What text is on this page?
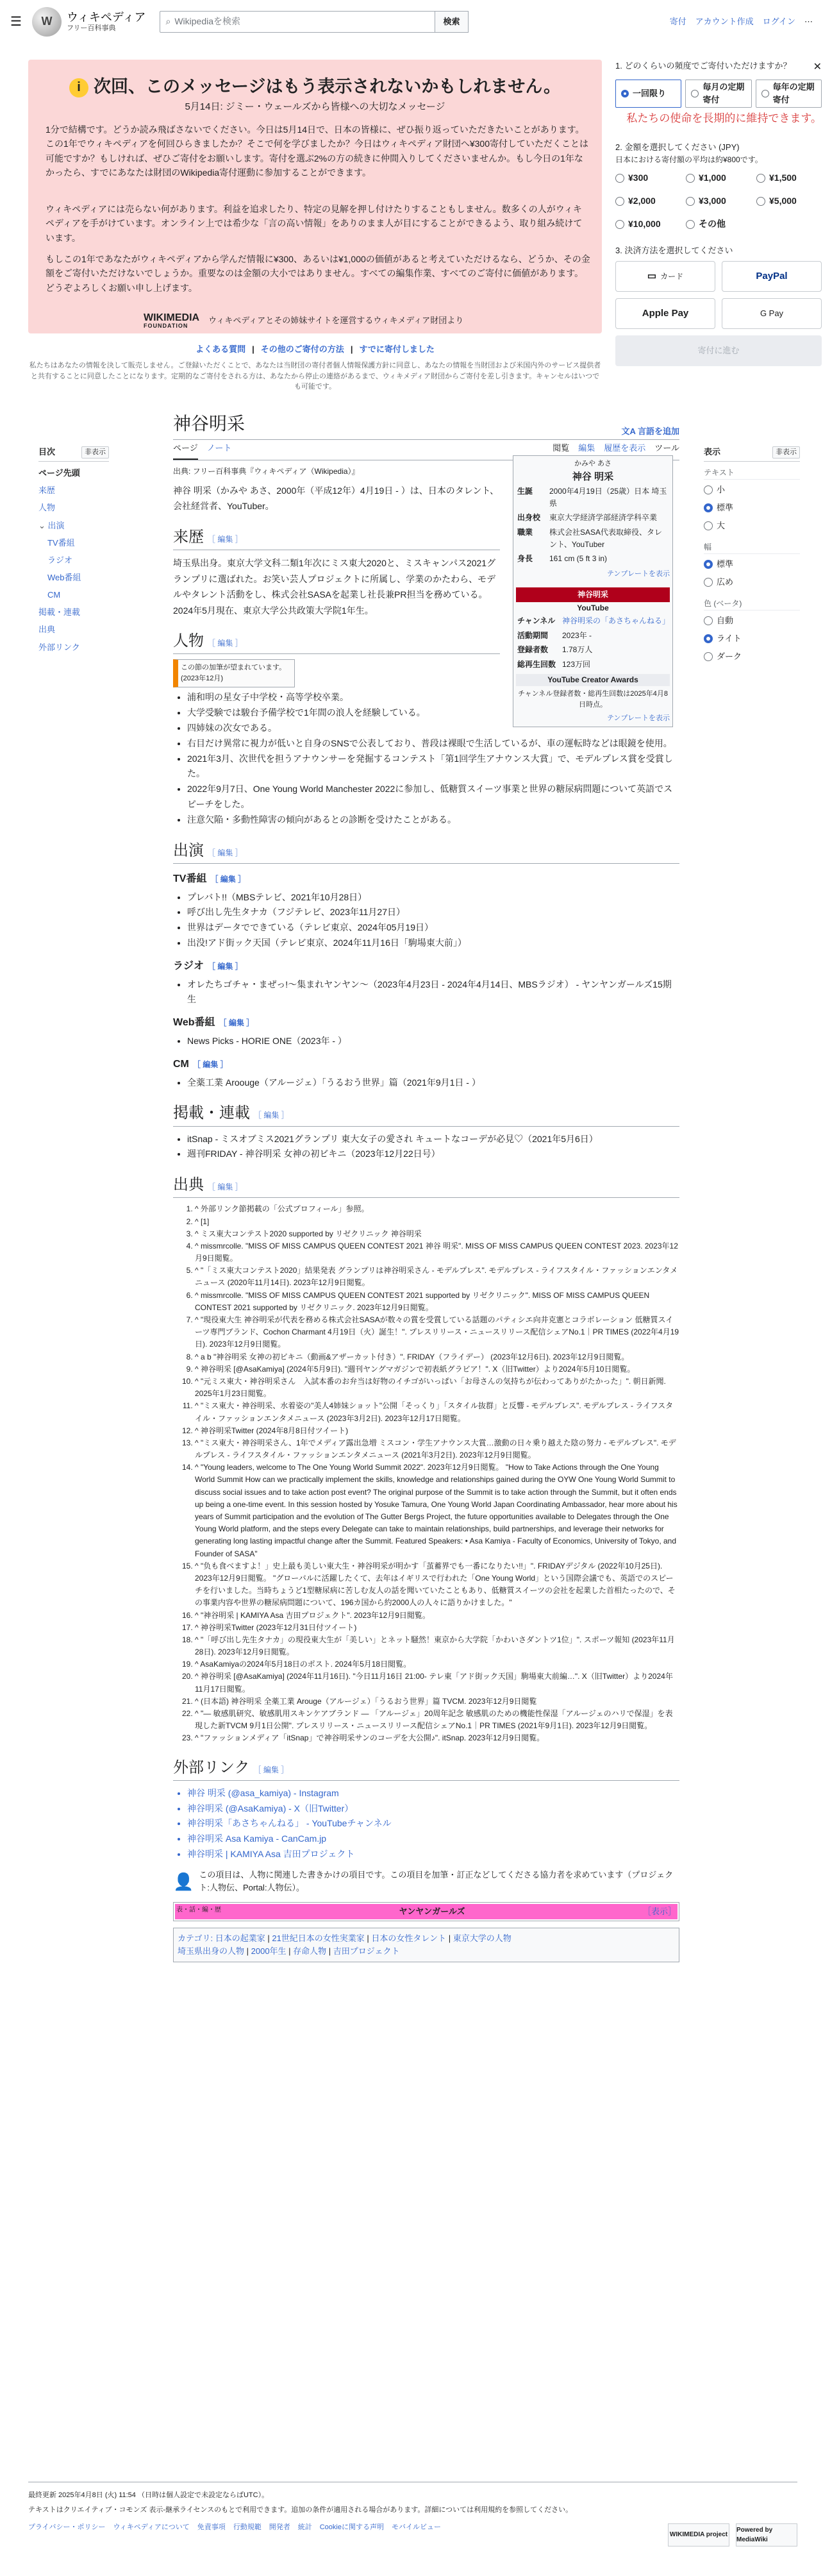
☰	W	ウィキペディア
フリー百科事典
⌕ Wikipediaを検索	検索	寄付 アカウント作成 ログイン ⋯
i 次回、このメッセージはもう表示されないかもしれません。
5月14日: ジミー・ウェールズから皆様への大切なメッセージ
1分で結構です。どうか読み飛ばさないでください。今日は5月14日で、日本の皆様に、ぜひ振り返っていただきたいことがあります。この1年でウィキペディアを何回ひらきましたか？そこで何を学びましたか？今日はウィキペディア財団へ¥300寄付していただくことは可能ですか？もしければ、ぜひご寄付をお願いします。寄付を選ぶ2%の方の続きに仲間入りしてくださいませんか。もし今日の1年なかったら、すでにあなたは財団のWikipedia寄付運動に参加することができます。
ウィキペディアには売らない何があります。利益を追求したり、特定の見解を押し付けたりすることもしません。数多くの人がウィキペディアを手がけています。オンライン上では希少な「言の高い情報」をありのまま人が目にすることができるよう、取り組み続けています。
もしこの1年であなたがウィキペディアから学んだ情報に¥300、あるいは¥1,000の価値があると考えていただけるなら、どうか、その金額をご寄付いただけないでしょうか。重要なのは金額の大小ではありません。すべての編集作業、すべてのご寄付に価値があります。どうぞよろしくお願い申し上げます。
WIKIMEDIA
FOUNDATION
ウィキペディアとその姉妹サイトを運営するウィキメディア財団より
よくある質問 | その他のご寄付の方法 | すでに寄付しました
私たちはあなたの情報を決して販売しません。ご登録いただくことで、あなたは当財団の寄付者個人情報保護方針に同意し、あなたの情報を当財団および米国内外のサービス提供者と共有することに同意したことになります。定期的なご寄付をされる方は、あなたから停止の連絡があるまで、ウィキメディア財団からご寄付を差し引きます。キャンセルはいつでも可能です。
1. どのくらいの頻度でご寄付いただけますか？ ✕
一回限り
毎月の定期寄付
毎年の定期寄付
私たちの使命を長期的に維持できます。
2. 金額を選択してください (JPY)
日本における寄付額の平均は約¥800です。
¥300	¥1,000	¥1,500
¥2,000	¥3,000	¥5,000
¥10,000	その他
3. 決済方法を選択してください
▭ カード	PayPal
Apple Pay	G Pay
寄付に進む
目次	非表示
ページ先頭
来歴
人物
⌄ 出演
TV番組
ラジオ
Web番組
CM
掲載・連載
出典
外部リンク
表示	非表示
テキスト
小
標準
大
幅
標準
広め
色 (ベータ)
自動
ライト
ダーク
神谷明采	文A 言語を追加
ページ ノート	閲覧 編集 履歴を表示 ツール
出典: フリー百科事典『ウィキペディア（Wikipedia）』

神谷 明采（かみや あさ、2000年（平成12年）4月19日 - ）は、日本のタレント、会社経営者、YouTuber。

来歴 ［ 編集 ］

埼玉県出身。東京大学文科二類1年次にミス東大2020と、ミスキャンパス2021グランプリに選ばれた。お笑い芸人プロジェクトに所属し、学業のかたわら、モデルやタレント活動をし、株式会社SASAを起業し社長兼PR担当を務めている。2024年5月現在、東京大学公共政策大学院1年生。

人物 ［ 編集 ］
この節の加筆が望まれています。(2023年12月)
• 浦和明の星女子中学校・高等学校卒業。
• 大学受験では駿台予備学校で1年間の浪人を経験している。
• 四姉妹の次女である。
• 右目だけ異常に視力が低いと自身のSNSで公表しており、普段は裸眼で生活しているが、車の運転時などは眼鏡を使用。
• 2021年3月、次世代を担うアナウンサーを発掘するコンテスト「第1回学生アナウンス大賞」で、モデルプレス賞を受賞した。
• 2022年9月7日、One Young World Manchester 2022に参加し、低糖質スイーツ事業と世界の糖尿病問題について英語でスピーチをした。
• 注意欠陥・多動性障害の傾向があるとの診断を受けたことがある。
出演 ［ 編集 ］
TV番組 ［ 編集 ］
• プレバト!!（MBSテレビ、2021年10月28日）
• 呼び出し先生タナカ（フジテレビ、2023年11月27日）
• 世界はデータでできている（テレビ東京、2024年05月19日）
• 出没!アド街ック天国（テレビ東京、2024年11月16日「駒場東大前」）
ラジオ ［ 編集 ］
• オレたちゴチャ・まぜっ!〜集まれヤンヤン〜（2023年4月23日 - 2024年4月14日、MBSラジオ） - ヤンヤンガールズ15期生
Web番組 ［ 編集 ］
• News Picks - HORIE ONE（2023年 - ）
CM ［ 編集 ］
• 全薬工業 Aroouge（アルージェ）「うるおう世界」篇（2021年9月1日 - ）
掲載・連載 ［ 編集 ］
• itSnap - ミスオブミス2021グランプリ 東大女子の愛され キュートなコーデが必見♡（2021年5月6日）
• 週刊FRIDAY - 神谷明采 女神の初ビキニ（2023年12月22日号）
出典 ［ 編集 ］
1. ^ 外部リンク節掲載の「公式プロフィール」参照。
2. ^ [1]
3. ^ ミス東大コンテスト2020 supported by リゼクリニック 神谷明采
4. ^ missmrcolle. "MISS OF MISS CAMPUS QUEEN CONTEST 2021 神谷 明采". MISS OF MISS CAMPUS QUEEN CONTEST 2023. 2023年12月9日閲覧。
5. ^ "「ミス東大コンテスト2020」結果発表 グランプリは神谷明采さん - モデルプレス". モデルプレス - ライフスタイル・ファッションエンタメニュース (2020年11月14日). 2023年12月9日閲覧。
6. ^ missmrcolle. "MISS OF MISS CAMPUS QUEEN CONTEST 2021 supported by リゼクリニック". MISS OF MISS CAMPUS QUEEN CONTEST 2021 supported by リゼクリニック. 2023年12月9日閲覧。
7. ^ "現役東大生 神谷明采が代表を務める株式会社SASAが数々の賞を受賞している話題のパティシエ向井克憲とコラボレーション 低糖質スイーツ専門ブランド、Cochon Charmant 4月19日（火）誕生！". プレスリリース・ニュースリリース配信シェアNo.1｜PR TIMES (2022年4月19日). 2023年12月9日閲覧。
8. ^ a b "神谷明采 女神の初ビキニ（動画&アザーカット付き）". FRIDAY（フライデー） (2023年12月6日). 2023年12月9日閲覧。
9. ^ 神谷明采 [@AsaKamiya] (2024年5月9日). "週刊ヤングマガジンで初表紙グラビア！". X（旧Twitter）より2024年5月10日閲覧。
10. ^ "元ミス東大・神谷明采さん　入試本番のお弁当は好物のイチゴがいっぱい「お母さんの気持ちが伝わってありがたかった」". 朝日新聞. 2025年1月23日閲覧。
11. ^ "ミス東大・神谷明采、水着姿の"美人4姉妹ショット"公開「そっくり」「スタイル抜群」と反響 - モデルプレス". モデルプレス - ライフスタイル・ファッションエンタメニュース (2023年3月2日). 2023年12月17日閲覧。
12. ^ 神谷明采Twitter (2024年8月8日付ツイート)
13. ^ "ミス東大・神谷明采さん、1年でメディア露出急増 ミスコン・学生アナウンス大賞…激動の日々乗り越えた陰の努力 - モデルプレス". モデルプレス - ライフスタイル・ファッションエンタメニュース (2021年3月2日). 2023年12月9日閲覧。
14. ^ "Young leaders, welcome to The One Young World Summit 2022". 2023年12月9日閲覧。 "How to Take Actions through the One Young World Summit How can we practically implement the skills, knowledge and relationships gained during the OYW One Young World Summit to discuss social issues and to take action post event? The original purpose of the Summit is to take action through the Summit, but it often ends up being a one-time event. In this session hosted by Yosuke Tamura, One Young World Japan Coordinating Ambassador, hear more about his years of Summit participation and the evolution of The Gutter Bergs Project, the future opportunities available to Delegates through the One Young World platform, and the steps every Delegate can take to maintain relationships, build partnerships, and leverage their networks for generating long lasting impactful change after the Summit. Featured Speakers: • Asa Kamiya - Faculty of Economics, University of Tokyo, and Founder of SASA"
15. ^ "负も食べますよ！」史上最も美しい東大生・神谷明采が明かす「茧蓄界でも一番になりたい!!」". FRIDAYデジタル (2022年10月25日). 2023年12月9日閲覧。 "グローバルに活躍したくて、去年はイギリスで行われた「One Young World」という国際会議でも、英語でのスピーチを行いました。当時ちょうど1型糖尿病に苦しむ友人の話を聞いていたこともあり、低糖質スイーツの会社を起業した首相たったので、その事業内容や世界の糖尿病問題について、196カ国から約2000人の人々に語りかけました。"
16. ^ "神谷明采 | KAMIYA Asa 吉田プロジェクト". 2023年12月9日閲覧。
17. ^ 神谷明采Twitter (2023年12月31日付ツイート)
18. ^ "「呼び出し先生タナカ」の現役東大生が「美しい」とネット騒然！東京から大学院「かわいさダントツ1位」". スポーツ報知 (2023年11月28日). 2023年12月9日閲覧。
19. ^ AsaKamiyaの2024年5月18日のポスト. 2024年5月18日閲覧。
20. ^ 神谷明采 [@AsaKamiya] (2024年11月16日). "今日11月16日 21:00- テレ東「アド街ック天国」駒場東大前編…". X（旧Twitter）より2024年11月17日閲覧。
21. ^ (日本語) 神谷明采 全薬工業 Arouge（アルージェ）「うるおう世界」篇 TVCM. 2023年12月9日閲覧
22. ^ "— 敏感肌研究、敏感肌用スキンケアブランド — 「アルージェ」20周年記念 敏感肌のための機能性保湿「アルージェのハリで保湿」を表現した新TVCM 9月1日公開". プレスリリース・ニュースリリース配信シェアNo.1｜PR TIMES (2021年9月1日). 2023年12月9日閲覧。
23. ^ "ファッションメディア「itSnap」で神谷明采サンのコーデを大公開♪". itSnap. 2023年12月9日閲覧。
外部リンク ［ 編集 ］
• 神谷 明采 (@asa_kamiya) - Instagram
• 神谷明采 (@AsaKamiya) - X（旧Twitter）
• 神谷明采「あさちゃんねる」 - YouTubeチャンネル
• 神谷明采 Asa Kamiya - CanCam.jp
• 神谷明采 | KAMIYA Asa 吉田プロジェクト
👤 この項目は、人物に関連した書きかけの項目です。この項目を加筆・訂正などしてくださる協力者を求めています（プロジェクト:人物伝、Portal:人物伝）。
表・話・編・歴	ヤンヤンガールズ	［表示］
カテゴリ: 日本の起業家 | 21世紀日本の女性実業家 | 日本の女性タレント | 東京大学の人物
埼玉県出身の人物 | 2000年生 | 存命人物 | 吉田プロジェクト
かみや あさ
神谷 明采
生誕	2000年4月19日（25歳）日本 埼玉県
出身校	東京大学経済学部経済学科卒業
職業	株式会社SASA代表取締役、タレント、YouTuber
身長	161 cm (5 ft 3 in)
テンプレートを表示
神谷明采
YouTube
チャンネル	神谷明采の「あさちゃんねる」
活動期間	2023年 -
登録者数	1.78万人
総再生回数	123万回
YouTube Creator Awards
チャンネル登録者数・総再生回数は2025年4月8日時点。
テンプレートを表示

最終更新 2025年4月8日 (火) 11:54 （日時は個人設定で未設定ならばUTC）。

テキストはクリエイティブ・コモンズ 表示-継承ライセンスのもとで利用できます。追加の条件が適用される場合があります。詳細については利用規約を参照してください。

プライバシー・ポリシー ウィキペディアについて 免責事項 行動規範 開発者 統計 Cookieに関する声明 モバイルビュー
WIKIMEDIA project
Powered by MediaWiki
